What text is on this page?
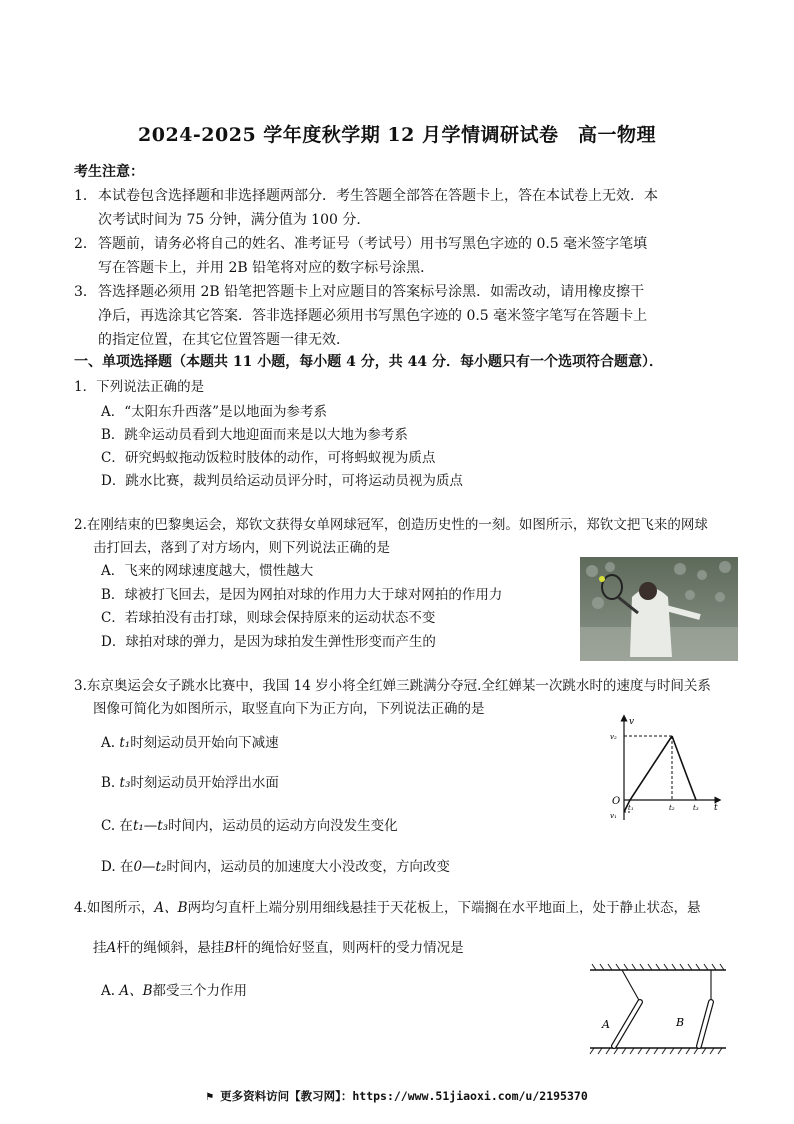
2024-2025 学年度秋学期 12 月学情调研试卷　高一物理
考生注意：
1． 本试卷包含选择题和非选择题两部分．考生答题全部答在答题卡上，答在本试卷上无效．本
次考试时间为 75 分钟，满分值为 100 分．
2． 答题前，请务必将自己的姓名、准考证号（考试号）用书写黑色字迹的 0.5 毫米签字笔填
写在答题卡上，并用 2B 铅笔将对应的数字标号涂黑．
3． 答选择题必须用 2B 铅笔把答题卡上对应题目的答案标号涂黑．如需改动，请用橡皮擦干
净后，再选涂其它答案．答非选择题必须用书写黑色字迹的 0.5 毫米签字笔写在答题卡上
的指定位置，在其它位置答题一律无效．
一、单项选择题（本题共 11 小题，每小题 4 分，共 44 分．每小题只有一个选项符合题意）．
1．下列说法正确的是
A．“太阳东升西落”是以地面为参考系
B．跳伞运动员看到大地迎面而来是以大地为参考系
C．研究蚂蚁拖动饭粒时肢体的动作，可将蚂蚁视为质点
D．跳水比赛，裁判员给运动员评分时，可将运动员视为质点
2.在刚结束的巴黎奥运会，郑钦文获得女单网球冠军，创造历史性的一刻。如图所示，郑钦文把飞来的网球
击打回去，落到了对方场内，则下列说法正确的是
A．飞来的网球速度越大，惯性越大
B．球被打飞回去，是因为网拍对球的作用力大于球对网拍的作用力
C．若球拍没有击打球，则球会保持原来的运动状态不变
D．球拍对球的弹力，是因为球拍发生弹性形变而产生的
3.东京奥运会女子跳水比赛中，我国 14 岁小将全红婵三跳满分夺冠.全红婵某一次跳水时的速度与时间关系
图像可简化为如图所示，取竖直向下为正方向，下列说法正确的是
A. t₁时刻运动员开始向下减速
B. t₃时刻运动员开始浮出水面
C. 在t₁—t₃时间内，运动员的运动方向没发生变化
D. 在0—t₂时间内，运动员的加速度大小没改变，方向改变
v
v₂
O
v₁
t₁	t₂	t₃ t
4.如图所示，A、B两均匀直杆上端分别用细线悬挂于天花板上，下端搁在水平地面上，处于静止状态，悬
挂A杆的绳倾斜，悬挂B杆的绳恰好竖直，则两杆的受力情况是
A. A、B都受三个力作用
A	B
⚑ 更多资料访问【教习网】：https://www.51jiaoxi.com/u/2195370
